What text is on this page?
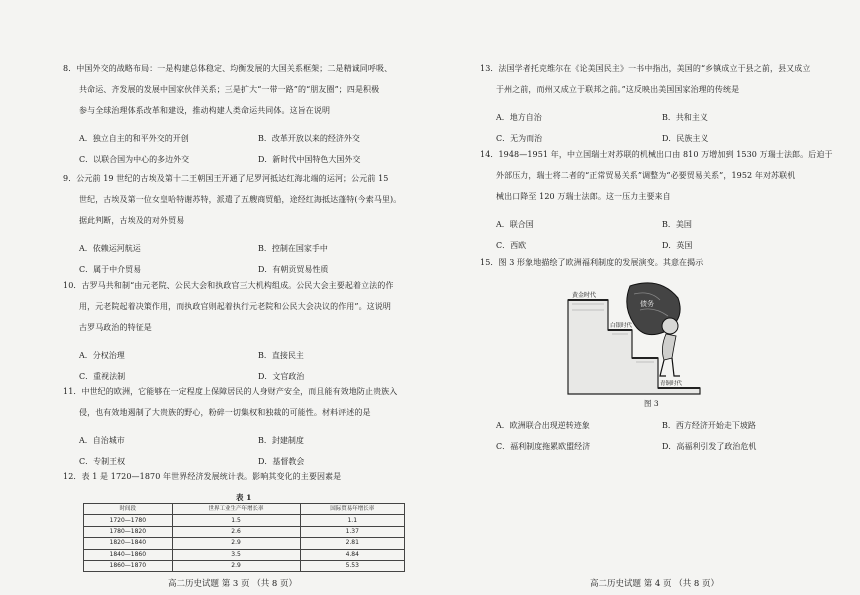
8．中国外交的战略布局：一是构建总体稳定、均衡发展的大国关系框架；二是精诚同呼吸、
共命运、齐发展的发展中国家伙伴关系；三是扩大“一带一路”的“朋友圈”；四是积极
参与全球治理体系改革和建设，推动构建人类命运共同体。这旨在说明
A．独立自主的和平外交的开创	B．改革开放以来的经济外交
C．以联合国为中心的多边外交	D．新时代中国特色大国外交
9．公元前 19 世纪的古埃及第十二王朝国王开通了尼罗河抵达红海北端的运河；公元前 15
世纪，古埃及第一位女皇哈特谢苏特，派遣了五艘商贸船，途经红海抵达蓬特(今索马里)。
据此判断，古埃及的对外贸易
A．依赖运河航运	B．控制在国家手中
C．属于中介贸易	D．有朝贡贸易性质
10．古罗马共和制“由元老院、公民大会和执政官三大机构组成。公民大会主要起着立法的作
用，元老院起着决策作用，而执政官则起着执行元老院和公民大会决议的作用”。这说明
古罗马政治的特征是
A．分权治理	B．直接民主
C．重视法制	D．文官政治
11．中世纪的欧洲，它能够在一定程度上保障居民的人身财产安全，而且能有效地防止贵族入
侵，也有效地遏制了大贵族的野心，粉碎一切集权和独裁的可能性。材料评述的是
A．自治城市	B．封建制度
C．专制王权	D．基督教会
12．表 1 是 1720—1870 年世界经济发展统计表。影响其变化的主要因素是
表 1
时间段	世界工业生产年增长率	国际贸易年增长率
1720—1780	1.5	1.1
1780—1820	2.6	1.37
1820—1840	2.9	2.81
1840—1860	3.5	4.84
1860—1870	2.9	5.53
高二历史试题 第 3 页 （共 8 页）
13．法国学者托克维尔在《论美国民主》一书中指出，美国的“乡镇成立于县之前，县又成立
于州之前，而州又成立于联邦之前。”这反映出美国国家治理的传统是
A．地方自治	B．共和主义
C．无为而治	D．民族主义
14．1948—1951 年，中立国瑞士对苏联的机械出口由 810 万增加到 1530 万瑞士法郎。后迫于
外部压力，瑞士将二者的“正常贸易关系”调整为“必要贸易关系”，1952 年对苏联机
械出口降至 120 万瑞士法郎。这一压力主要来自
A．联合国	B．美国
C．西欧	D．英国
15．图 3 形象地描绘了欧洲福利制度的发展演变。其意在揭示
图 3
A．欧洲联合出现逆转迹象	B．西方经济开始走下坡路
C．福利制度拖累欧盟经济	D．高福利引发了政治危机
高二历史试题 第 4 页 （共 8 页）
黄金时代
白银时代
青铜时代
债务
